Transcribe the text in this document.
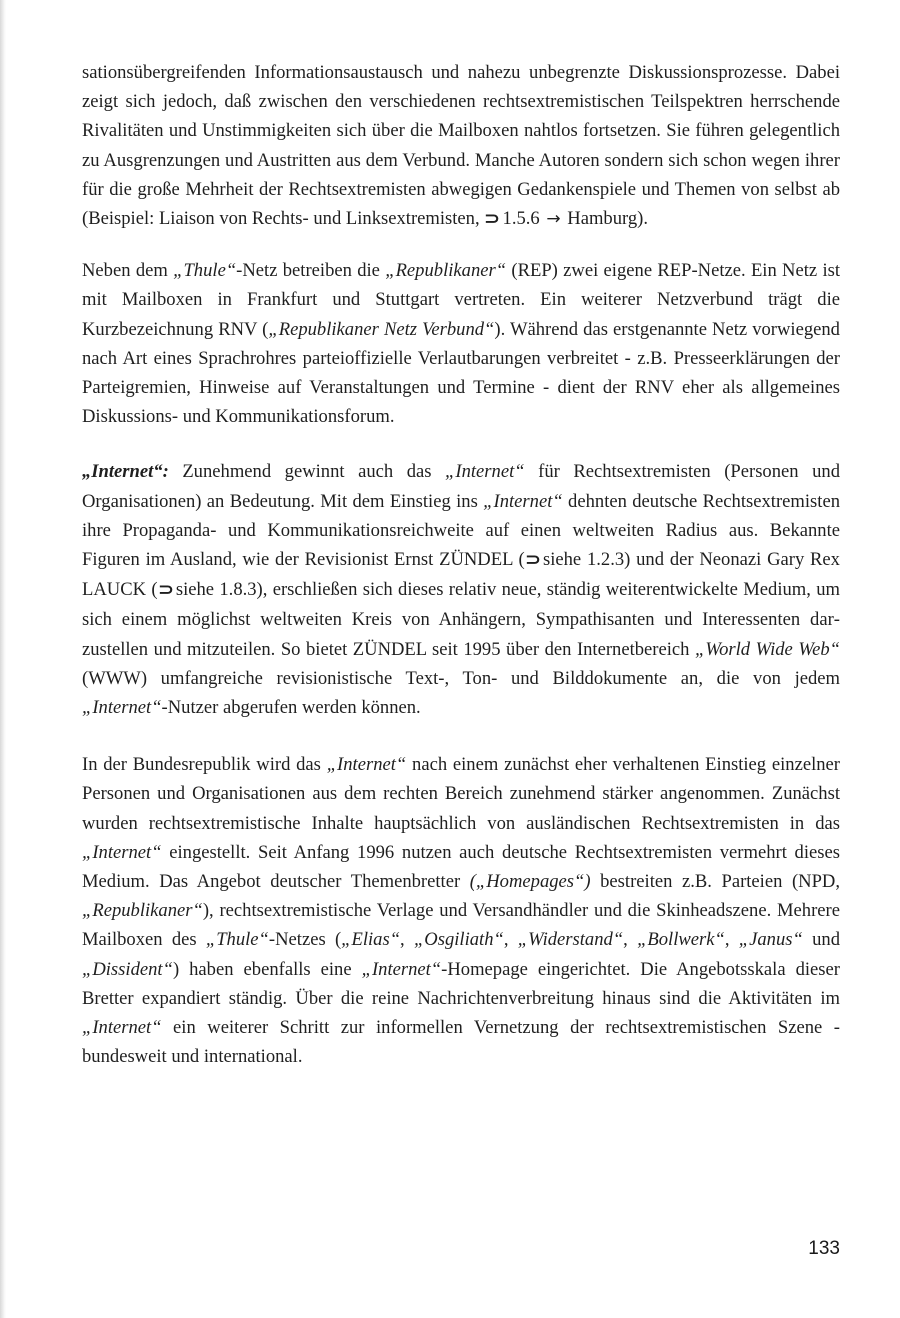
sationsübergreifenden Informationsaustausch und nahezu unbegrenzte Diskussionsprozesse. Dabei zeigt sich jedoch, daß zwischen den verschiedenen rechtsextremistischen Teilspektren herrschende Rivalitäten und Unstimmigkeiten sich über die Mailboxen nahtlos fortsetzen. Sie führen gelegentlich zu Ausgrenzungen und Austritten aus dem Verbund. Manche Autoren sondern sich schon wegen ihrer für die große Mehrheit der Rechtsextremisten abwegigen Gedankenspiele und Themen von selbst ab (Beispiel: Liaison von Rechts- und Linksextremisten, ⊃ 1.5.6 → Hamburg).

Neben dem „Thule“-Netz betreiben die „Republikaner“ (REP) zwei eigene REP-Netze. Ein Netz ist mit Mailboxen in Frankfurt und Stuttgart vertreten. Ein weiterer Netzverbund trägt die Kurzbezeichnung RNV („Republikaner Netz Verbund“). Während das erstgenannte Netz vorwiegend nach Art eines Sprachrohres parteioffizielle Verlautbarungen verbreitet - z.B. Presseerklärungen der Parteigremien, Hinweise auf Veranstaltungen und Termine - dient der RNV eher als allgemeines Diskussions- und Kommunikationsforum.

„Internet“: Zunehmend gewinnt auch das „Internet“ für Rechtsextremisten (Personen und Organisationen) an Bedeutung. Mit dem Einstieg ins „Internet“ dehnten deutsche Rechtsextremisten ihre Propaganda- und Kommunikationsreichweite auf einen weltweiten Radius aus. Bekannte Figuren im Ausland, wie der Revisionist Ernst ZÜNDEL (⊃ siehe 1.2.3) und der Neonazi Gary Rex LAUCK (⊃ siehe 1.8.3), erschließen sich dieses relativ neue, ständig weiterentwickelte Medium, um sich einem möglichst weltweiten Kreis von Anhängern, Sympathisanten und Interessenten darzustellen und mitzuteilen. So bietet ZÜNDEL seit 1995 über den Internetbereich „World Wide Web“ (WWW) umfangreiche revisionistische Text-, Ton- und Bilddokumente an, die von jedem „Internet“-Nutzer abgerufen werden können.

In der Bundesrepublik wird das „Internet“ nach einem zunächst eher verhaltenen Einstieg einzelner Personen und Organisationen aus dem rechten Bereich zunehmend stärker angenommen. Zunächst wurden rechtsextremistische Inhalte hauptsächlich von ausländischen Rechtsextremisten in das „Internet“ eingestellt. Seit Anfang 1996 nutzen auch deutsche Rechtsextremisten vermehrt dieses Medium. Das Angebot deutscher Themenbretter („Homepages“) bestreiten z.B. Parteien (NPD, „Republikaner“), rechtsextremistische Verlage und Versandhändler und die Skinheadszene. Mehrere Mailboxen des „Thule“-Netzes („Elias“, „Osgiliath“, „Widerstand“, „Bollwerk“, „Janus“ und „Dissident“) haben ebenfalls eine „Internet“-Homepage eingerichtet. Die Angebotsskala dieser Bretter expandiert ständig. Über die reine Nachrichtenverbreitung hinaus sind die Aktivitäten im „Internet“ ein weiterer Schritt zur informellen Vernetzung der rechtsextremistischen Szene - bundesweit und international.

133
